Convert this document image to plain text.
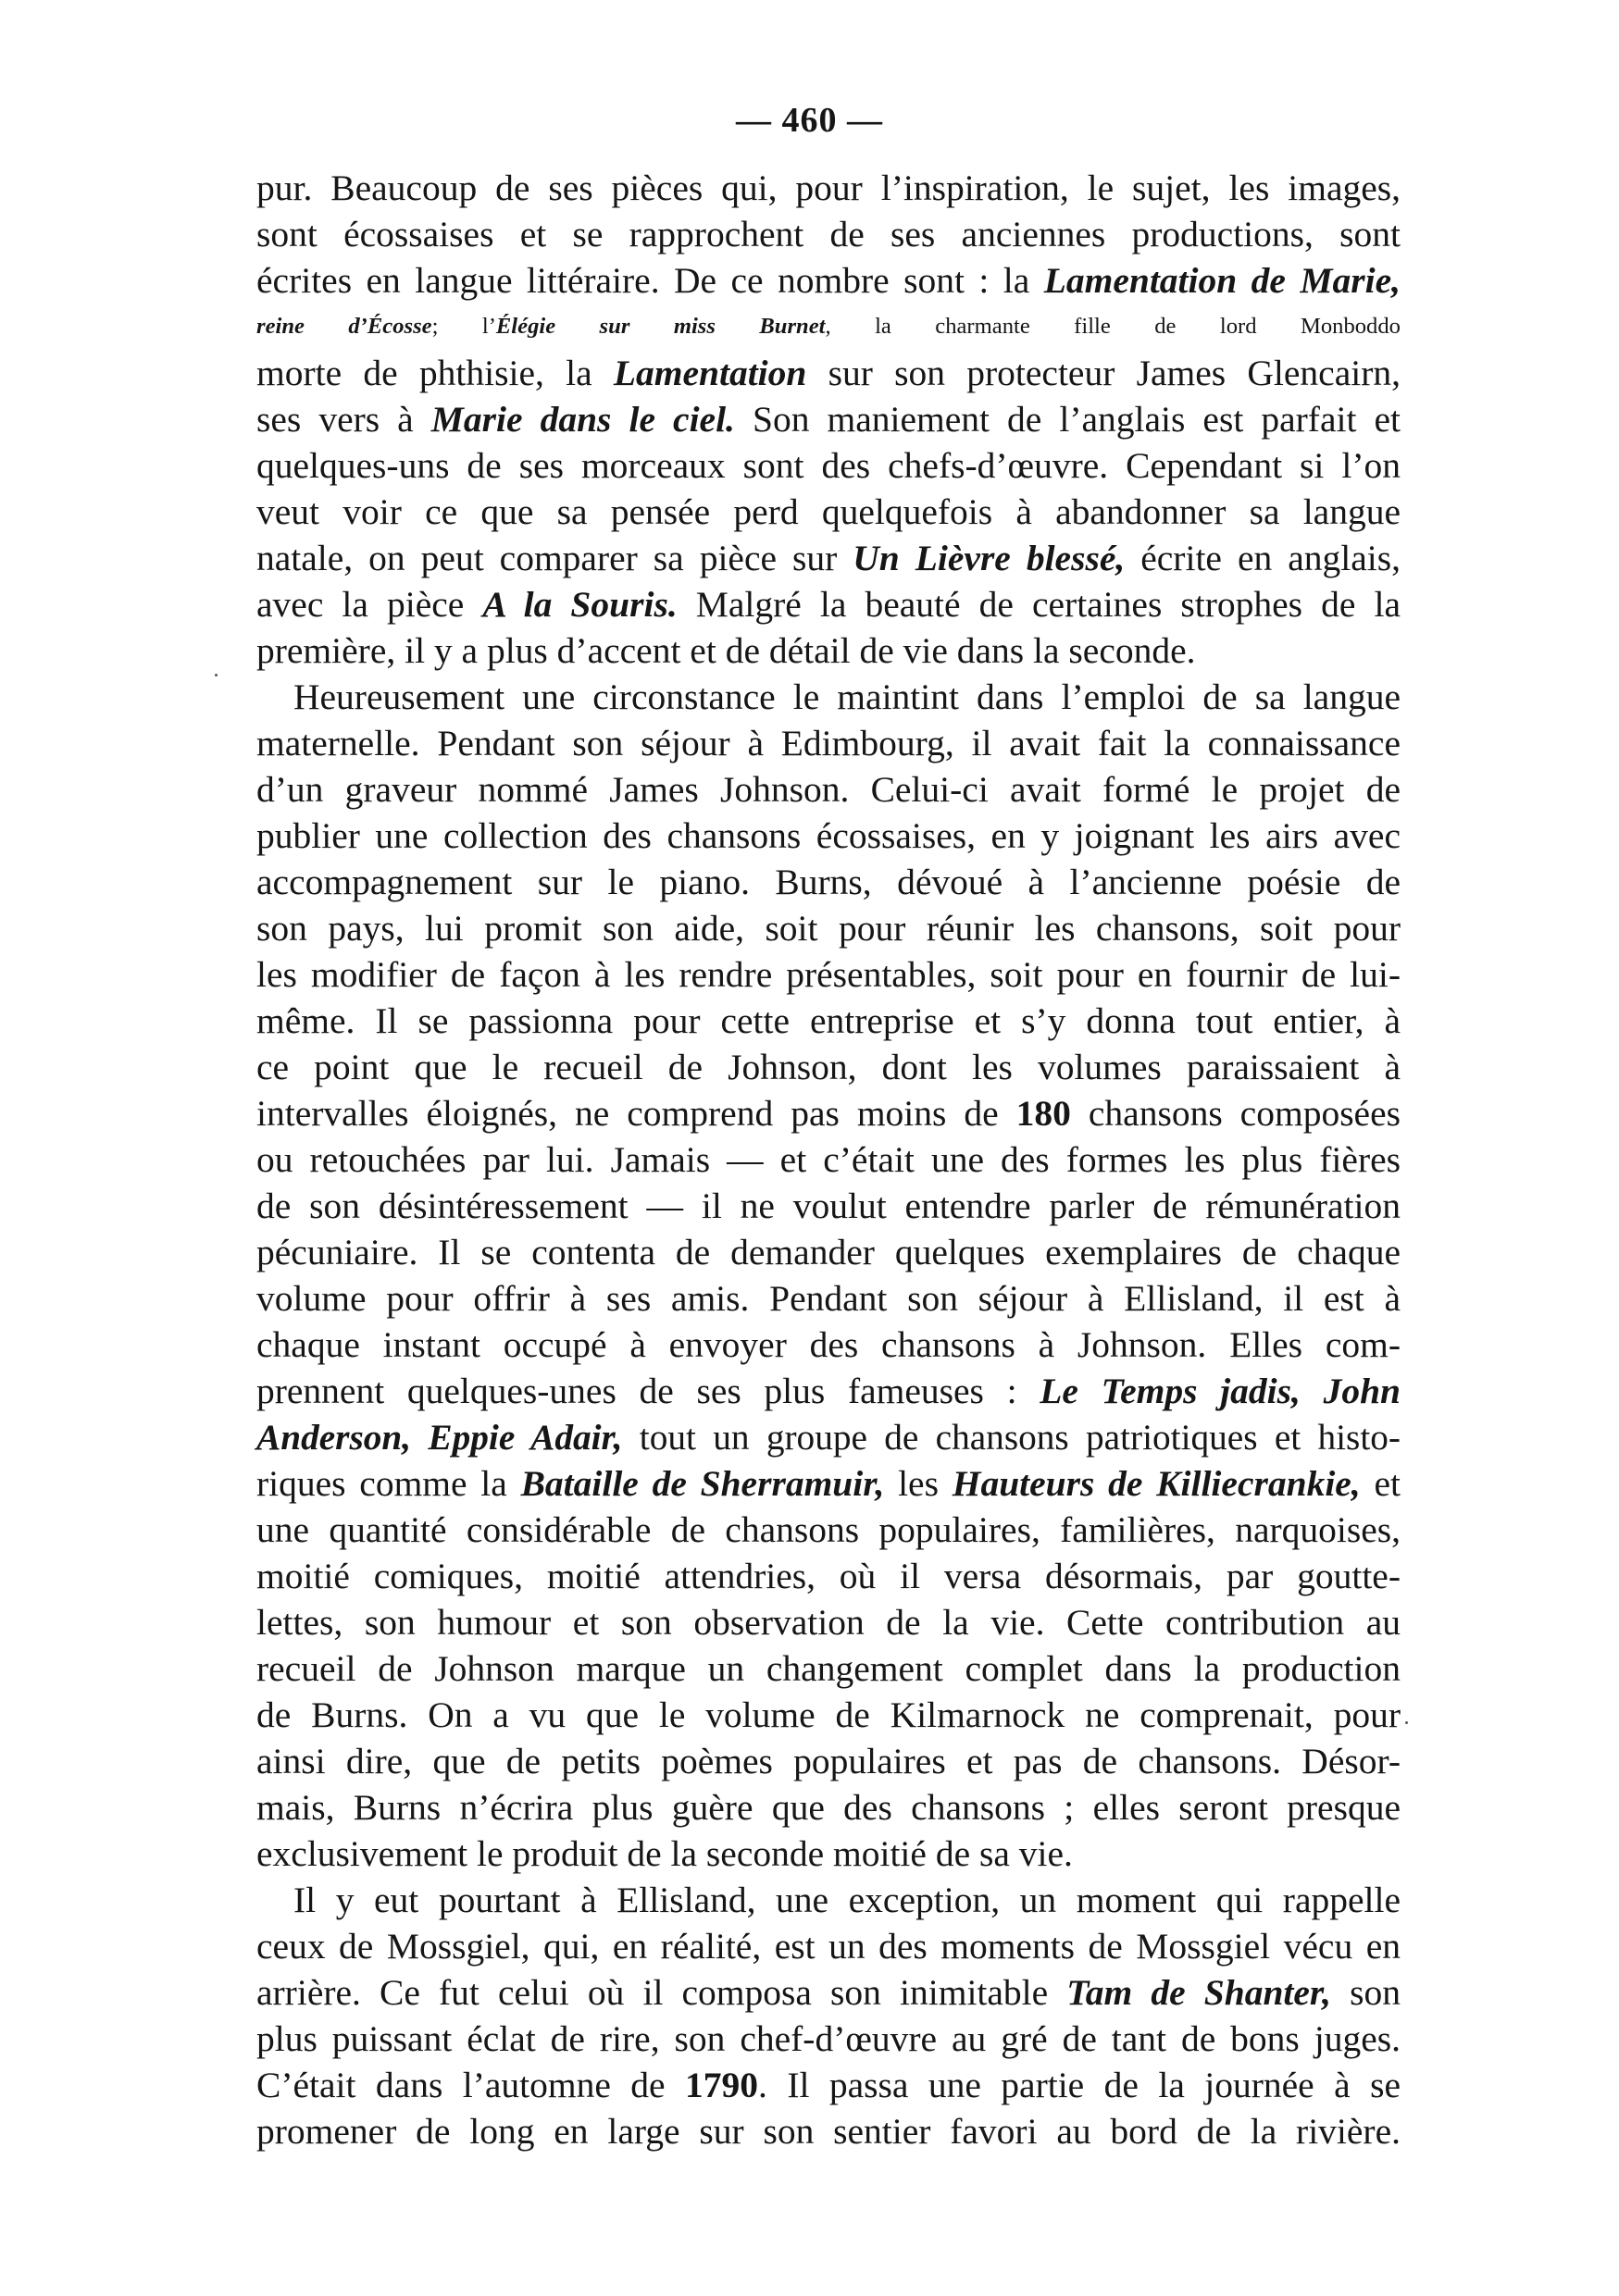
— 460 —
pur. Beaucoup de ses pièces qui, pour l’inspiration, le sujet, les images,
sont écossaises et se rapprochent de ses anciennes productions, sont
écrites en langue littéraire. De ce nombre sont : la Lamentation de Marie,
reine d’Écosse; l’Élégie sur miss Burnet, la charmante fille de lord Monboddo
morte de phthisie, la Lamentation sur son protecteur James Glencairn,
ses vers à Marie dans le ciel. Son maniement de l’anglais est parfait et
quelques-uns de ses morceaux sont des chefs-d’œuvre. Cependant si l’on
veut voir ce que sa pensée perd quelquefois à abandonner sa langue
natale, on peut comparer sa pièce sur Un Lièvre blessé, écrite en anglais,
avec la pièce A la Souris. Malgré la beauté de certaines strophes de la
première, il y a plus d’accent et de détail de vie dans la seconde.
Heureusement une circonstance le maintint dans l’emploi de sa langue
maternelle. Pendant son séjour à Edimbourg, il avait fait la connaissance
d’un graveur nommé James Johnson. Celui-ci avait formé le projet de
publier une collection des chansons écossaises, en y joignant les airs avec
accompagnement sur le piano. Burns, dévoué à l’ancienne poésie de
son pays, lui promit son aide, soit pour réunir les chansons, soit pour
les modifier de façon à les rendre présentables, soit pour en fournir de lui-
même. Il se passionna pour cette entreprise et s’y donna tout entier, à
ce point que le recueil de Johnson, dont les volumes paraissaient à
intervalles éloignés, ne comprend pas moins de 180 chansons composées
ou retouchées par lui. Jamais — et c’était une des formes les plus fières
de son désintéressement — il ne voulut entendre parler de rémunération
pécuniaire. Il se contenta de demander quelques exemplaires de chaque
volume pour offrir à ses amis. Pendant son séjour à Ellisland, il est à
chaque instant occupé à envoyer des chansons à Johnson. Elles com-
prennent quelques-unes de ses plus fameuses : Le Temps jadis, John
Anderson, Eppie Adair, tout un groupe de chansons patriotiques et histo-
riques comme la Bataille de Sherramuir, les Hauteurs de Killiecrankie, et
une quantité considérable de chansons populaires, familières, narquoises,
moitié comiques, moitié attendries, où il versa désormais, par goutte-
lettes, son humour et son observation de la vie. Cette contribution au
recueil de Johnson marque un changement complet dans la production
de Burns. On a vu que le volume de Kilmarnock ne comprenait, pour
ainsi dire, que de petits poèmes populaires et pas de chansons. Désor-
mais, Burns n’écrira plus guère que des chansons ; elles seront presque
exclusivement le produit de la seconde moitié de sa vie.
Il y eut pourtant à Ellisland, une exception, un moment qui rappelle
ceux de Mossgiel, qui, en réalité, est un des moments de Mossgiel vécu en
arrière. Ce fut celui où il composa son inimitable Tam de Shanter, son
plus puissant éclat de rire, son chef-d’œuvre au gré de tant de bons juges.
C’était dans l’automne de 1790. Il passa une partie de la journée à se
promener de long en large sur son sentier favori au bord de la rivière.
